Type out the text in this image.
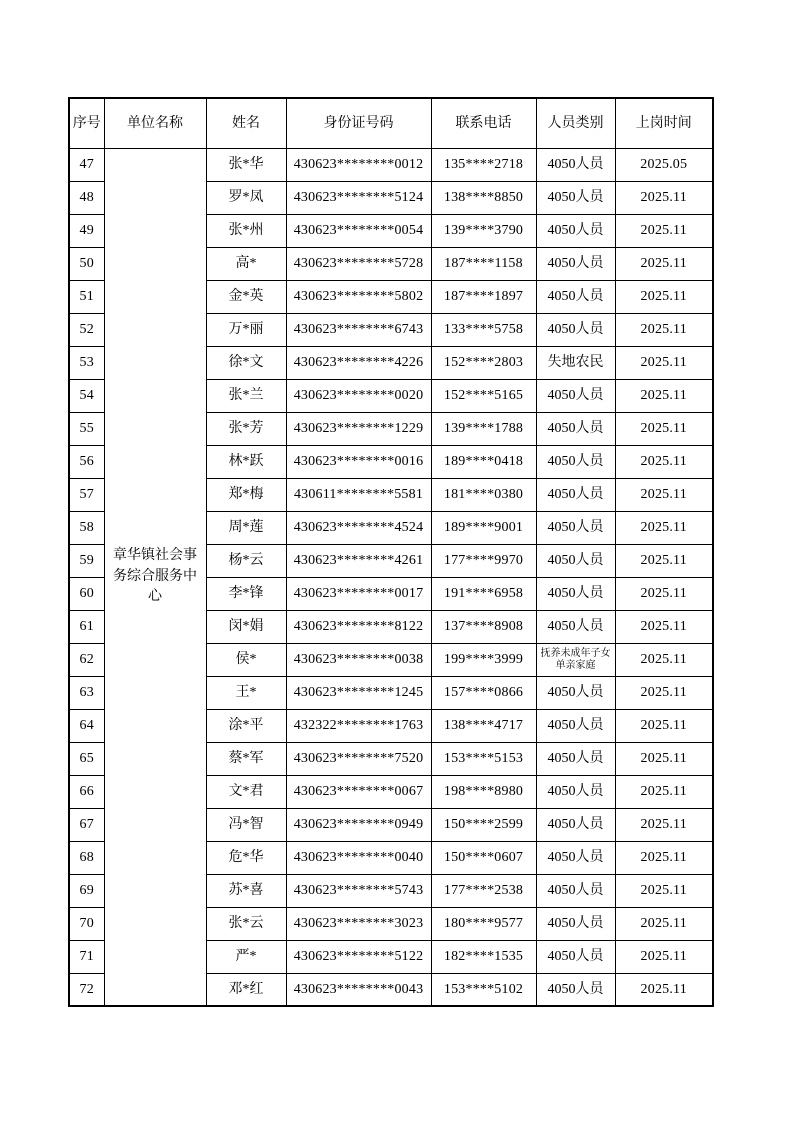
序号	单位名称	姓名	身份证号码	联系电话	人员类别	上岗时间
47	章华镇社会事务综合服务中心	张*华	430623********0012	135****2718	4050人员	2025.05
48		罗*凤	430623********5124	138****8850	4050人员	2025.11
49		张*州	430623********0054	139****3790	4050人员	2025.11
50		高*	430623********5728	187****1158	4050人员	2025.11
51		金*英	430623********5802	187****1897	4050人员	2025.11
52		万*丽	430623********6743	133****5758	4050人员	2025.11
53		徐*文	430623********4226	152****2803	失地农民	2025.11
54		张*兰	430623********0020	152****5165	4050人员	2025.11
55		张*芳	430623********1229	139****1788	4050人员	2025.11
56		林*跃	430623********0016	189****0418	4050人员	2025.11
57		郑*梅	430611********5581	181****0380	4050人员	2025.11
58		周*莲	430623********4524	189****9001	4050人员	2025.11
59		杨*云	430623********4261	177****9970	4050人员	2025.11
60		李*锋	430623********0017	191****6958	4050人员	2025.11
61		闵*娟	430623********8122	137****8908	4050人员	2025.11
62		侯*	430623********0038	199****3999	抚养未成年子女单亲家庭	2025.11
63		王*	430623********1245	157****0866	4050人员	2025.11
64		涂*平	432322********1763	138****4717	4050人员	2025.11
65		蔡*军	430623********7520	153****5153	4050人员	2025.11
66		文*君	430623********0067	198****8980	4050人员	2025.11
67		冯*智	430623********0949	150****2599	4050人员	2025.11
68		危*华	430623********0040	150****0607	4050人员	2025.11
69		苏*喜	430623********5743	177****2538	4050人员	2025.11
70		张*云	430623********3023	180****9577	4050人员	2025.11
71		严*	430623********5122	182****1535	4050人员	2025.11
72		邓*红	430623********0043	153****5102	4050人员	2025.11
